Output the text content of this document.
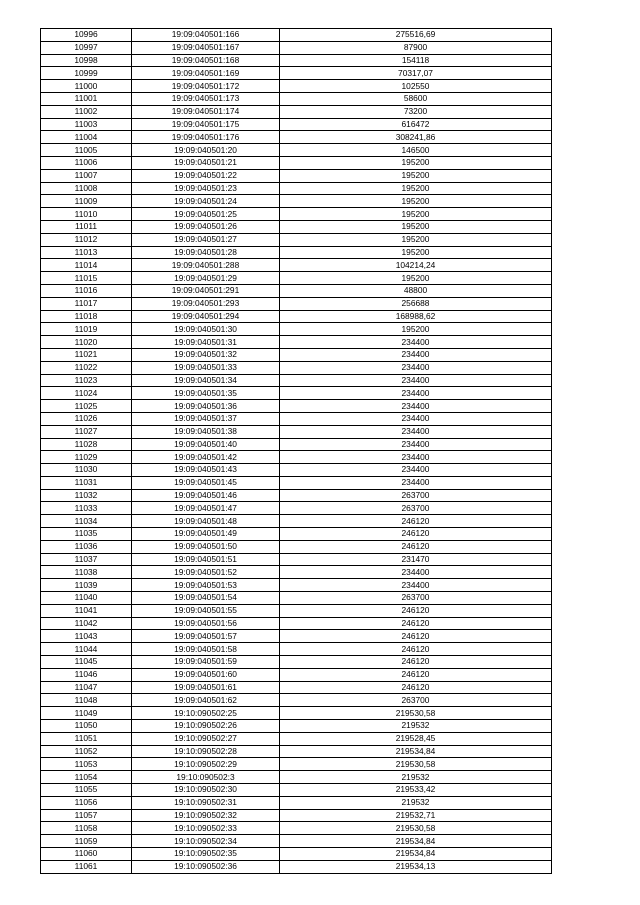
10996	19:09:040501:166	275516,69
10997	19:09:040501:167	87900
10998	19:09:040501:168	154118
10999	19:09:040501:169	70317,07
11000	19:09:040501:172	102550
11001	19:09:040501:173	58600
11002	19:09:040501:174	73200
11003	19:09:040501:175	616472
11004	19:09:040501:176	308241,86
11005	19:09:040501:20	146500
11006	19:09:040501:21	195200
11007	19:09:040501:22	195200
11008	19:09:040501:23	195200
11009	19:09:040501:24	195200
11010	19:09:040501:25	195200
11011	19:09:040501:26	195200
11012	19:09:040501:27	195200
11013	19:09:040501:28	195200
11014	19:09:040501:288	104214,24
11015	19:09:040501:29	195200
11016	19:09:040501:291	48800
11017	19:09:040501:293	256688
11018	19:09:040501:294	168988,62
11019	19:09:040501:30	195200
11020	19:09:040501:31	234400
11021	19:09:040501:32	234400
11022	19:09:040501:33	234400
11023	19:09:040501:34	234400
11024	19:09:040501:35	234400
11025	19:09:040501:36	234400
11026	19:09:040501:37	234400
11027	19:09:040501:38	234400
11028	19:09:040501:40	234400
11029	19:09:040501:42	234400
11030	19:09:040501:43	234400
11031	19:09:040501:45	234400
11032	19:09:040501:46	263700
11033	19:09:040501:47	263700
11034	19:09:040501:48	246120
11035	19:09:040501:49	246120
11036	19:09:040501:50	246120
11037	19:09:040501:51	231470
11038	19:09:040501:52	234400
11039	19:09:040501:53	234400
11040	19:09:040501:54	263700
11041	19:09:040501:55	246120
11042	19:09:040501:56	246120
11043	19:09:040501:57	246120
11044	19:09:040501:58	246120
11045	19:09:040501:59	246120
11046	19:09:040501:60	246120
11047	19:09:040501:61	246120
11048	19:09:040501:62	263700
11049	19:10:090502:25	219530,58
11050	19:10:090502:26	219532
11051	19:10:090502:27	219528,45
11052	19:10:090502:28	219534,84
11053	19:10:090502:29	219530,58
11054	19:10:090502:3	219532
11055	19:10:090502:30	219533,42
11056	19:10:090502:31	219532
11057	19:10:090502:32	219532,71
11058	19:10:090502:33	219530,58
11059	19:10:090502:34	219534,84
11060	19:10:090502:35	219534,84
11061	19:10:090502:36	219534,13
